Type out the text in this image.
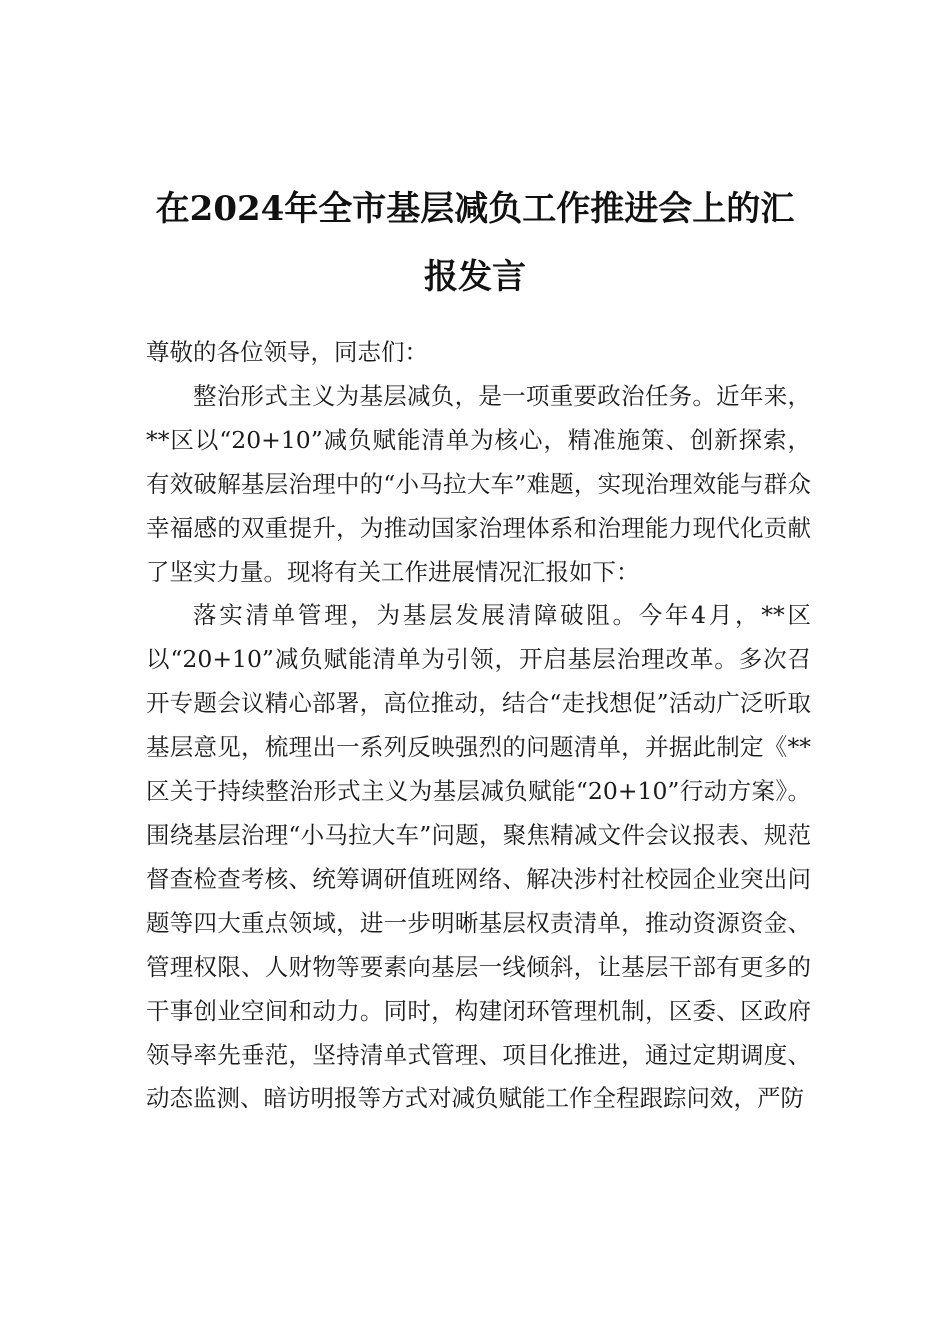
在2024年全市基层减负工作推进会上的汇
报发言

尊敬的各位领导，同志们：

整治形式主义为基层减负，是一项重要政治任务。近年来，**区以“20+10”减负赋能清单为核心，精准施策、创新探索，有效破解基层治理中的“小马拉大车”难题，实现治理效能与群众幸福感的双重提升，为推动国家治理体系和治理能力现代化贡献了坚实力量。现将有关工作进展情况汇报如下：

落实清单管理，为基层发展清障破阻。今年4月，**区以“20+10”减负赋能清单为引领，开启基层治理改革。多次召开专题会议精心部署，高位推动，结合“走找想促”活动广泛听取基层意见，梳理出一系列反映强烈的问题清单，并据此制定《**区关于持续整治形式主义为基层减负赋能“20+10”行动方案》。围绕基层治理“小马拉大车”问题，聚焦精减文件会议报表、规范督查检查考核、统筹调研值班网络、解决涉村社校园企业突出问题等四大重点领域，进一步明晰基层权责清单，推动资源资金、管理权限、人财物等要素向基层一线倾斜，让基层干部有更多的干事创业空间和动力。同时，构建闭环管理机制，区委、区政府领导率先垂范，坚持清单式管理、项目化推进，通过定期调度、动态监测、暗访明报等方式对减负赋能工作全程跟踪问效，严防
